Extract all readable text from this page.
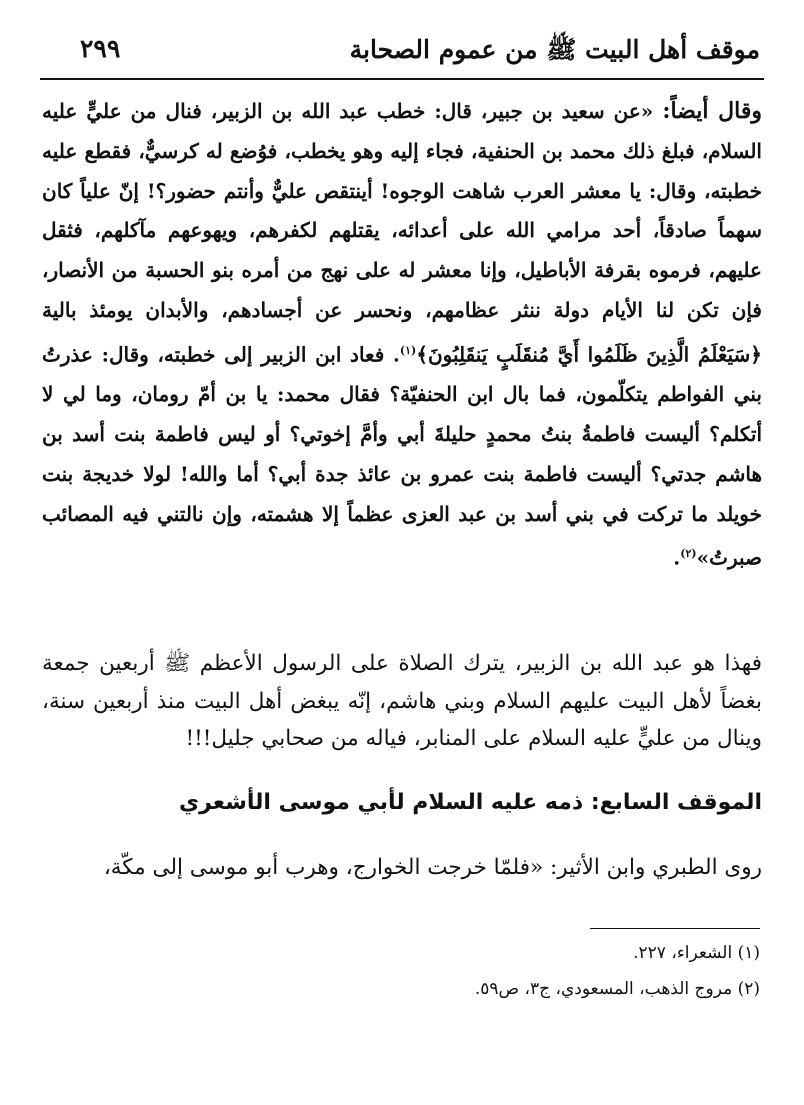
موقف أهل البيت ﷺ من عموم الصحابة
٢٩٩
وقال أيضاً: «عن سعيد بن جبير، قال: خطب عبد الله بن الزبير، فنال من عليٍّ عليه السلام، فبلغ ذلك محمد بن الحنفية، فجاء إليه وهو يخطب، فوُضع له كرسيٌّ، فقطع عليه خطبته، وقال: يا معشر العرب شاهت الوجوه! أينتقص عليٌّ وأنتم حضور؟! إنّ علياً كان سهماً صادقاً، أحد مرامي الله على أعدائه، يقتلهم لكفرهم، ويهوعهم مآكلهم، فثقل عليهم، فرموه بقرفة الأباطيل، وإنا معشر له على نهج من أمره بنو الحسبة من الأنصار، فإن تكن لنا الأيام دولة ننثر عظامهم، ونحسر عن أجسادهم، والأبدان يومئذ بالية ﴿سَيَعْلَمُ الَّذِينَ ظَلَمُوا أَيَّ مُنقَلَبٍ يَنقَلِبُونَ﴾$^{(١)}$. فعاد ابن الزبير إلى خطبته، وقال: عذرتُ بني الفواطم يتكلّمون، فما بال ابن الحنفيّة؟ فقال محمد: يا بن أمّ رومان، وما لي لا أتكلم؟ أليست فاطمةُ بنتُ محمدٍ حليلةَ أبي وأمَّ إخوتي؟ أو ليس فاطمة بنت أسد بن هاشم جدتي؟ أليست فاطمة بنت عمرو بن عائذ جدة أبي؟ أما والله! لولا خديجة بنت خويلد ما تركت في بني أسد بن عبد العزى عظماً إلا هشمته، وإن نالتني فيه المصائب صبرتُ»$^{(٢)}$.
فهذا هو عبد الله بن الزبير، يترك الصلاة على الرسول الأعظم ﷺ أربعين جمعة بغضاً لأهل البيت عليهم السلام وبني هاشم، إنّه يبغض أهل البيت منذ أربعين سنة، وينال من عليٍّ عليه السلام على المنابر، فياله من صحابي جليل!!!
الموقف السابع: ذمه عليه السلام لأبي موسى الأشعري
روى الطبري وابن الأثير: «فلمّا خرجت الخوارج، وهرب أبو موسى إلى مكّة،
(١) الشعراء، ٢٢٧.
(٢) مروج الذهب، المسعودي، ج٣، ص٥٩.
